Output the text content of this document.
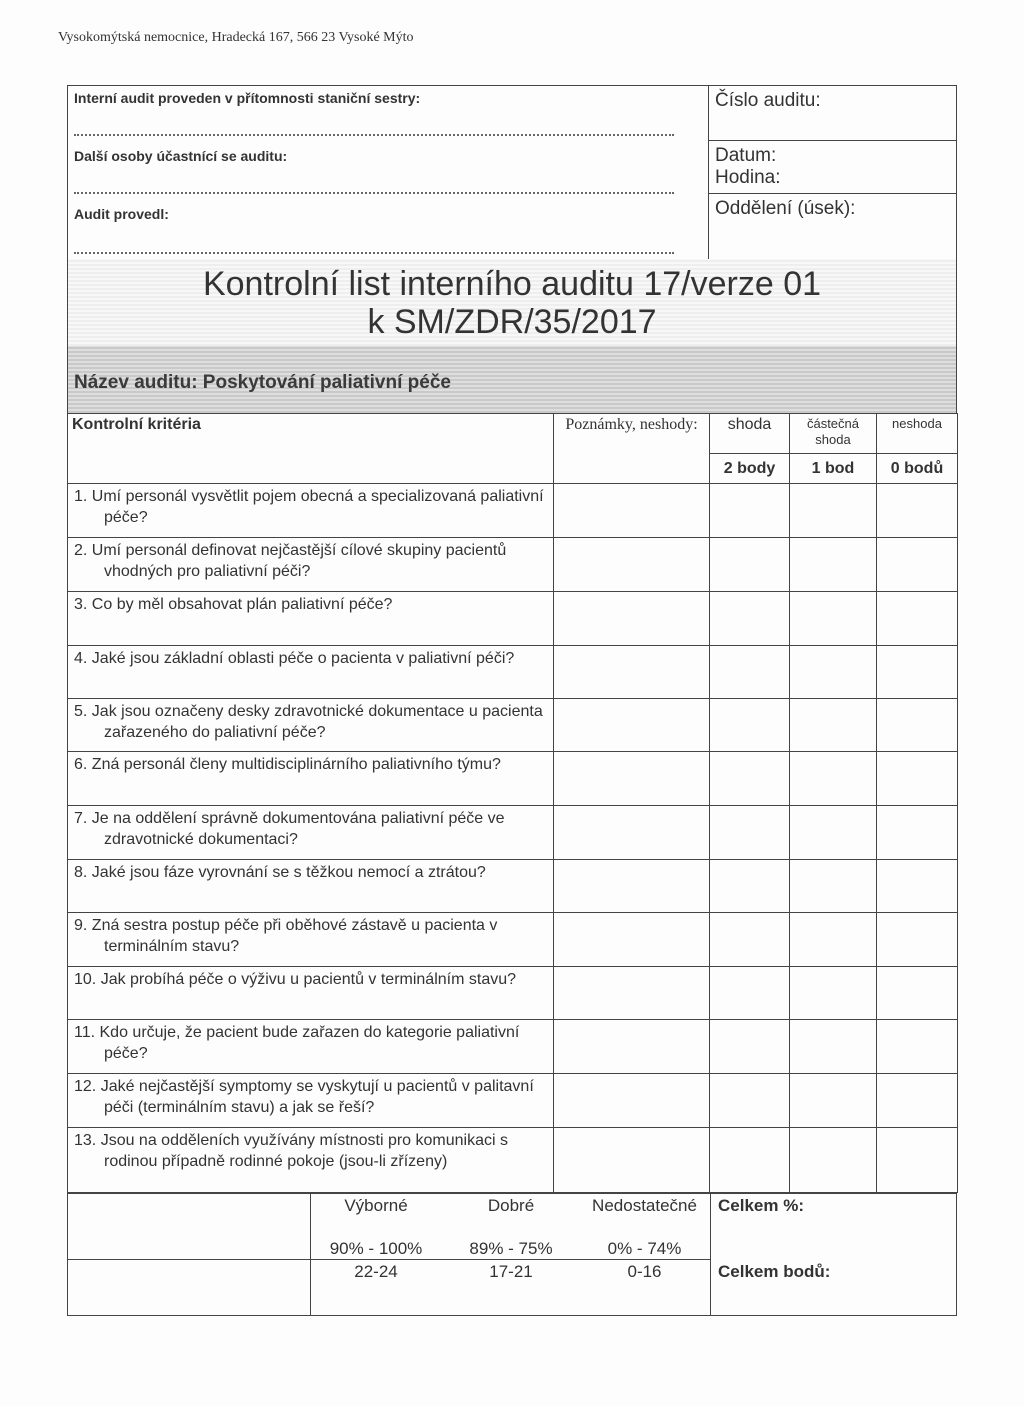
Vysokomýtská nemocnice, Hradecká 167, 566 23 Vysoké Mýto
Interní audit proveden v přítomnosti staniční sestry:
Další osoby účastnící se auditu:
Audit provedl:
Číslo auditu:
Datum:
Hodina:
Oddělení (úsek):
Kontrolní list interního auditu 17/verze 01
k SM/ZDR/35/2017
Název auditu: Poskytování paliativní péče
Kontrolní kritéria	Poznámky, neshody:	shoda	částečná shoda	neshoda
		2 body	1 bod	0 bodů
1. Umí personál vysvětlit pojem obecná a specializovaná paliativní péče?				
2. Umí personál definovat nejčastější cílové skupiny pacientů vhodných pro paliativní péči?				
3. Co by měl obsahovat plán paliativní péče?				
4. Jaké jsou základní oblasti péče o pacienta v paliativní péči?				
5. Jak jsou označeny desky zdravotnické dokumentace u pacienta zařazeného do paliativní péče?				
6. Zná personál členy multidisciplinárního paliativního týmu?				
7. Je na oddělení správně dokumentována paliativní péče ve zdravotnické dokumentaci?				
8. Jaké jsou fáze vyrovnání se s těžkou nemocí a ztrátou?				
9. Zná sestra postup péče při oběhové zástavě u pacienta v terminálním stavu?				
10. Jak probíhá péče o výživu u pacientů v terminálním stavu?				
11. Kdo určuje, že pacient bude zařazen do kategorie paliativní péče?				
12. Jaké nejčastější symptomy se vyskytují u pacientů v palitavní péči (terminálním stavu) a jak se řeší?				
13. Jsou na odděleních využívány místnosti pro komunikaci s rodinou případně rodinné pokoje (jsou-li zřízeny)				
Výborné	Dobré	Nedostatečné
90% - 100%	89% - 75%	0% - 74%
22-24	17-21	0-16
Celkem %:
Celkem bodů:
